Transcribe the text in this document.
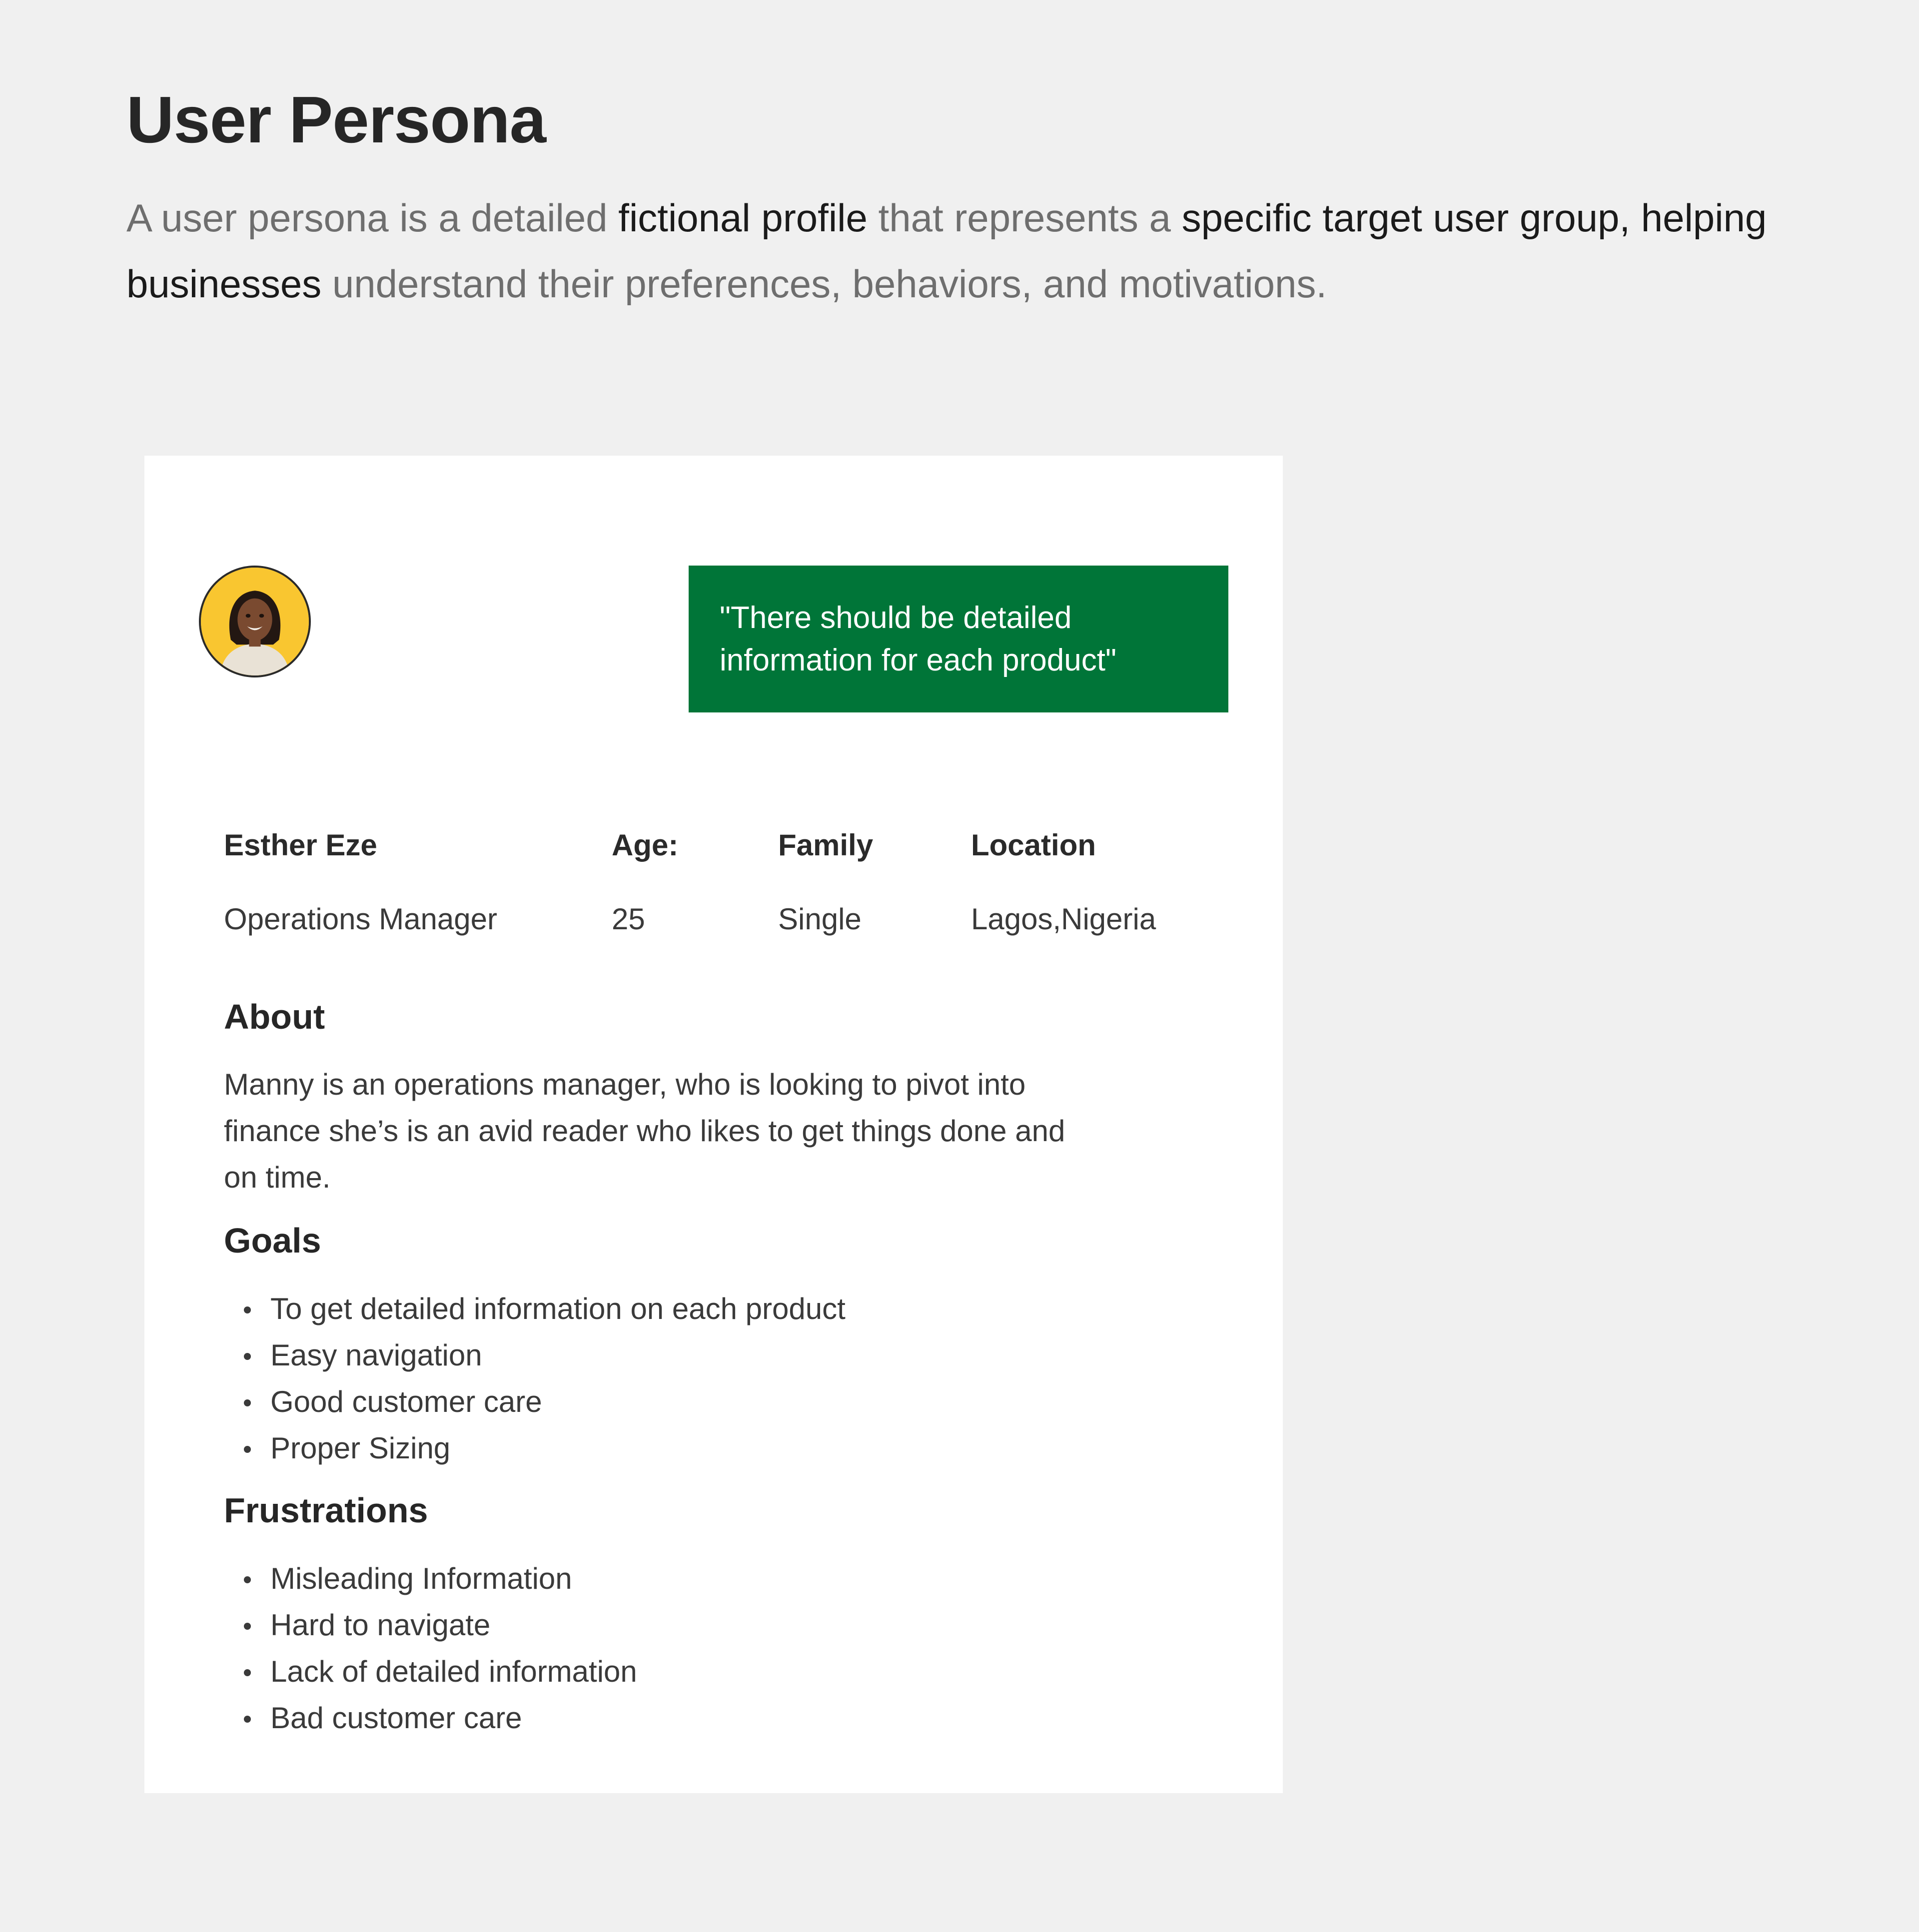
User Persona

A user persona is a detailed fictional profile that represents a specific target user group, helping businesses understand their preferences, behaviors, and motivations.

"There should be detailed information for each product"
Esther Eze	Age:	Family	Location
Operations Manager	25	Single	Lagos,Nigeria
About

Manny is an operations manager, who is looking to pivot into finance she’s is an avid reader who likes to get things done and on time.

Goals
To get detailed information on each product
Easy navigation
Good customer care
Proper Sizing
Frustrations
Misleading Information
Hard to navigate
Lack of detailed information
Bad customer care
